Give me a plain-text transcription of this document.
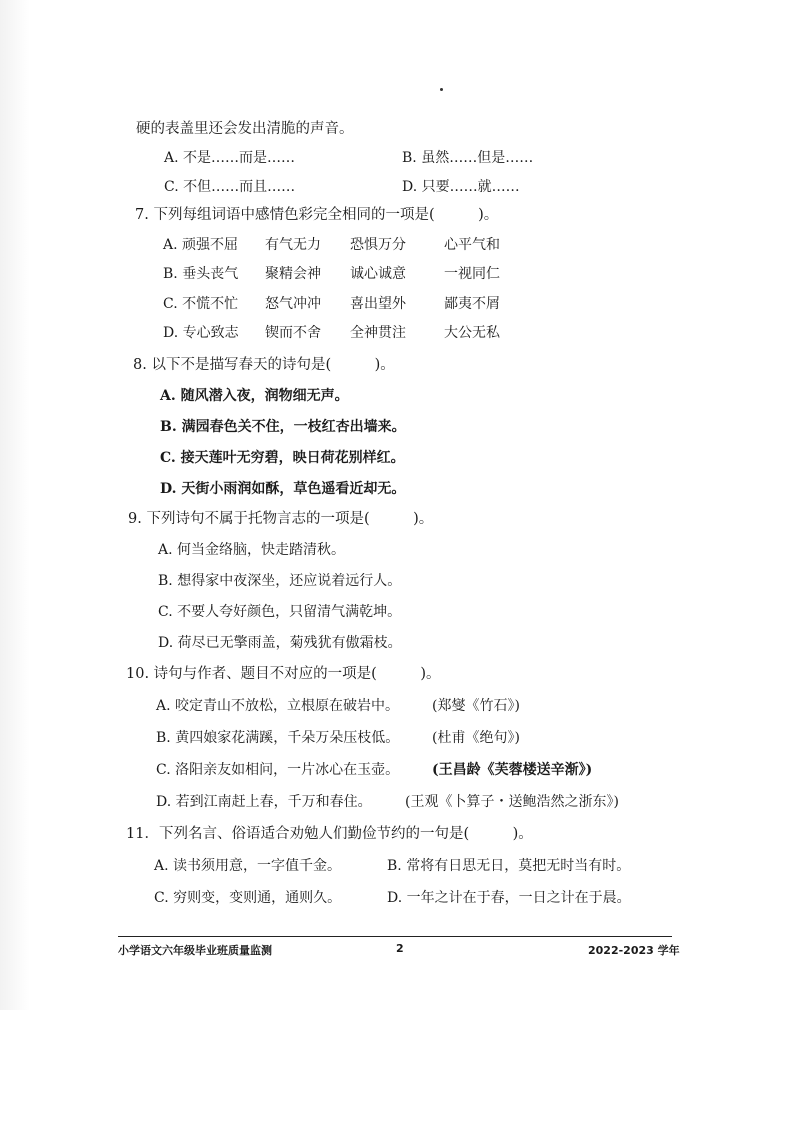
硬的表盖里还会发出清脆的声音。
A. 不是……而是……	B. 虽然……但是……
C. 不但……而且……	D. 只要……就……
7. 下列每组词语中感情色彩完全相同的一项是(　　　)。
A. 顽强不屈 有气无力 恐惧万分	心平气和
B. 垂头丧气 聚精会神 诚心诚意	一视同仁
C. 不慌不忙 怒气冲冲 喜出望外	鄙夷不屑
D. 专心致志 锲而不舍 全神贯注	大公无私
8. 以下不是描写春天的诗句是(　　　)。
A. 随风潜入夜，润物细无声。
B. 满园春色关不住，一枝红杏出墙来。
C. 接天莲叶无穷碧，映日荷花别样红。
D. 天街小雨润如酥，草色遥看近却无。
9. 下列诗句不属于托物言志的一项是(　　　)。
A. 何当金络脑，快走踏清秋。
B. 想得家中夜深坐，还应说着远行人。
C. 不要人夸好颜色，只留清气满乾坤。
D. 荷尽已无擎雨盖，菊残犹有傲霜枝。
10. 诗句与作者、题目不对应的一项是(　　　)。
A. 咬定青山不放松，立根原在破岩中。 (郑燮《竹石》)
B. 黄四娘家花满蹊，千朵万朵压枝低。 (杜甫《绝句》)
C. 洛阳亲友如相问，一片冰心在玉壶。 (王昌龄《芙蓉楼送辛渐》)
D. 若到江南赶上春，千万和春住。 (王观《卜算子・送鲍浩然之浙东》)
11．下列名言、俗语适合劝勉人们勤俭节约的一句是(　　　)。
A. 读书须用意，一字值千金。	B. 常将有日思无日，莫把无时当有时。
C. 穷则变，变则通，通则久。	D. 一年之计在于春，一日之计在于晨。
小学语文六年级毕业班质量监测	2	2022-2023 学年
